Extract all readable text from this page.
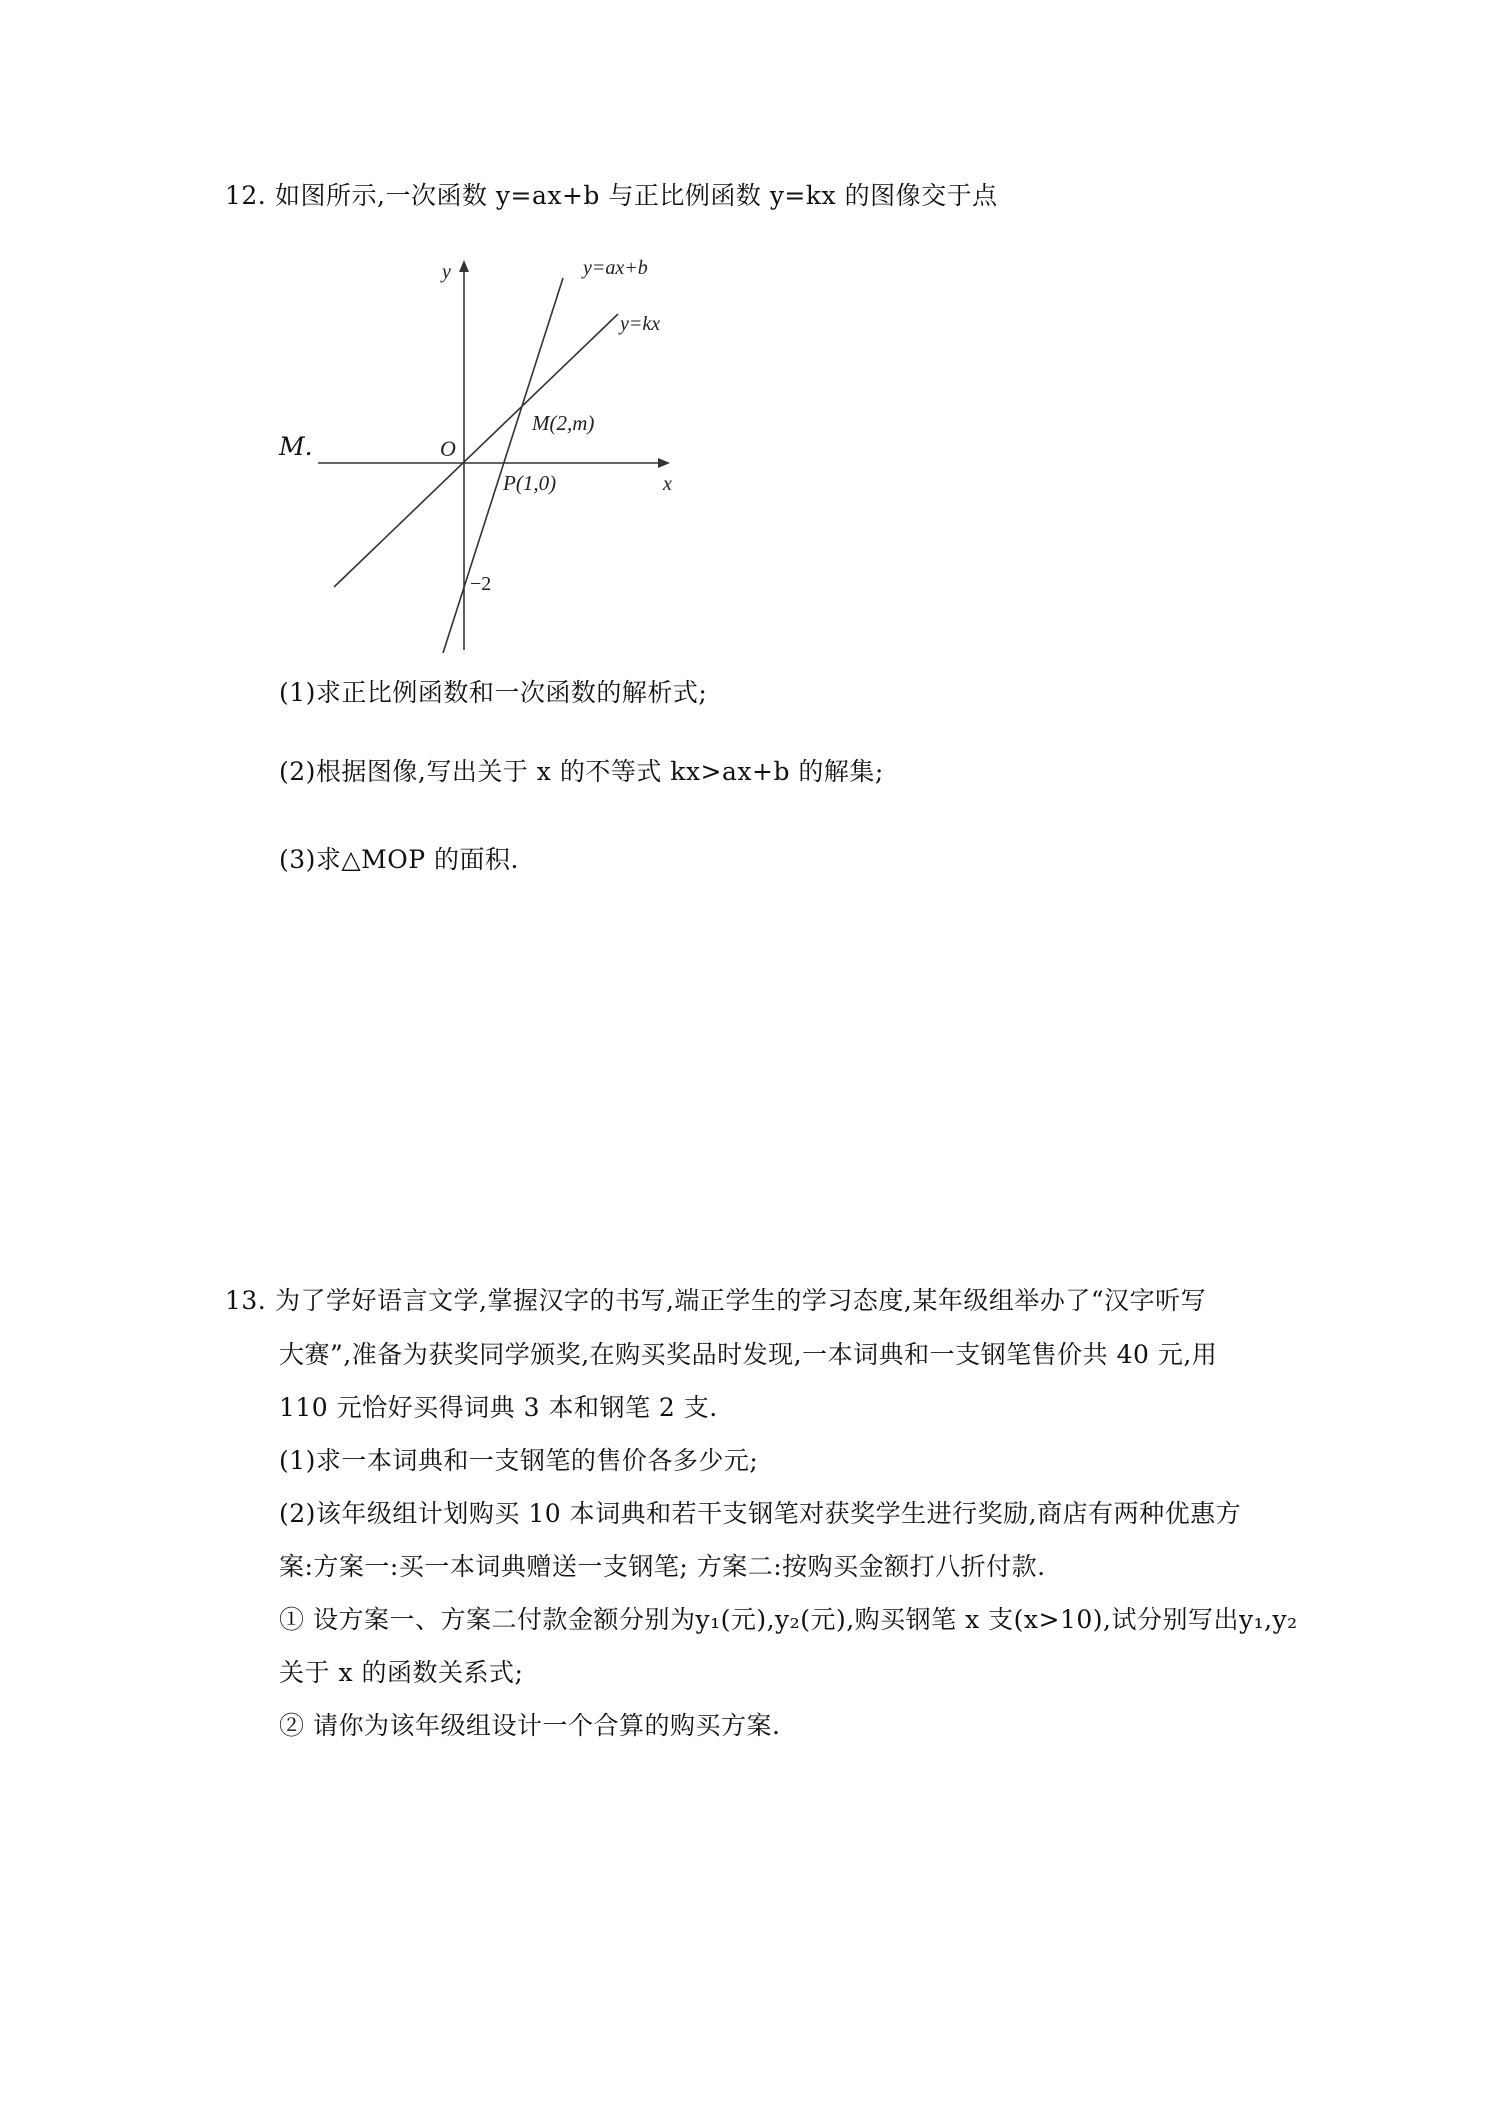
12. 如图所示,一次函数 y=ax+b 与正比例函数 y=kx 的图像交于点
M.
y
x
O
y=ax+b
y=kx
M(2,m)
P(1,0)
−2
(1)求正比例函数和一次函数的解析式;
(2)根据图像,写出关于 x 的不等式 kx>ax+b 的解集;
(3)求△MOP 的面积.
13. 为了学好语言文学,掌握汉字的书写,端正学生的学习态度,某年级组举办了“汉字听写
大赛”,准备为获奖同学颁奖,在购买奖品时发现,一本词典和一支钢笔售价共 40 元,用
110 元恰好买得词典 3 本和钢笔 2 支.
(1)求一本词典和一支钢笔的售价各多少元;
(2)该年级组计划购买 10 本词典和若干支钢笔对获奖学生进行奖励,商店有两种优惠方
案:方案一:买一本词典赠送一支钢笔; 方案二:按购买金额打八折付款.
① 设方案一、方案二付款金额分别为y₁(元),y₂(元),购买钢笔 x 支(x>10),试分别写出y₁,y₂
关于 x 的函数关系式;
② 请你为该年级组设计一个合算的购买方案.
